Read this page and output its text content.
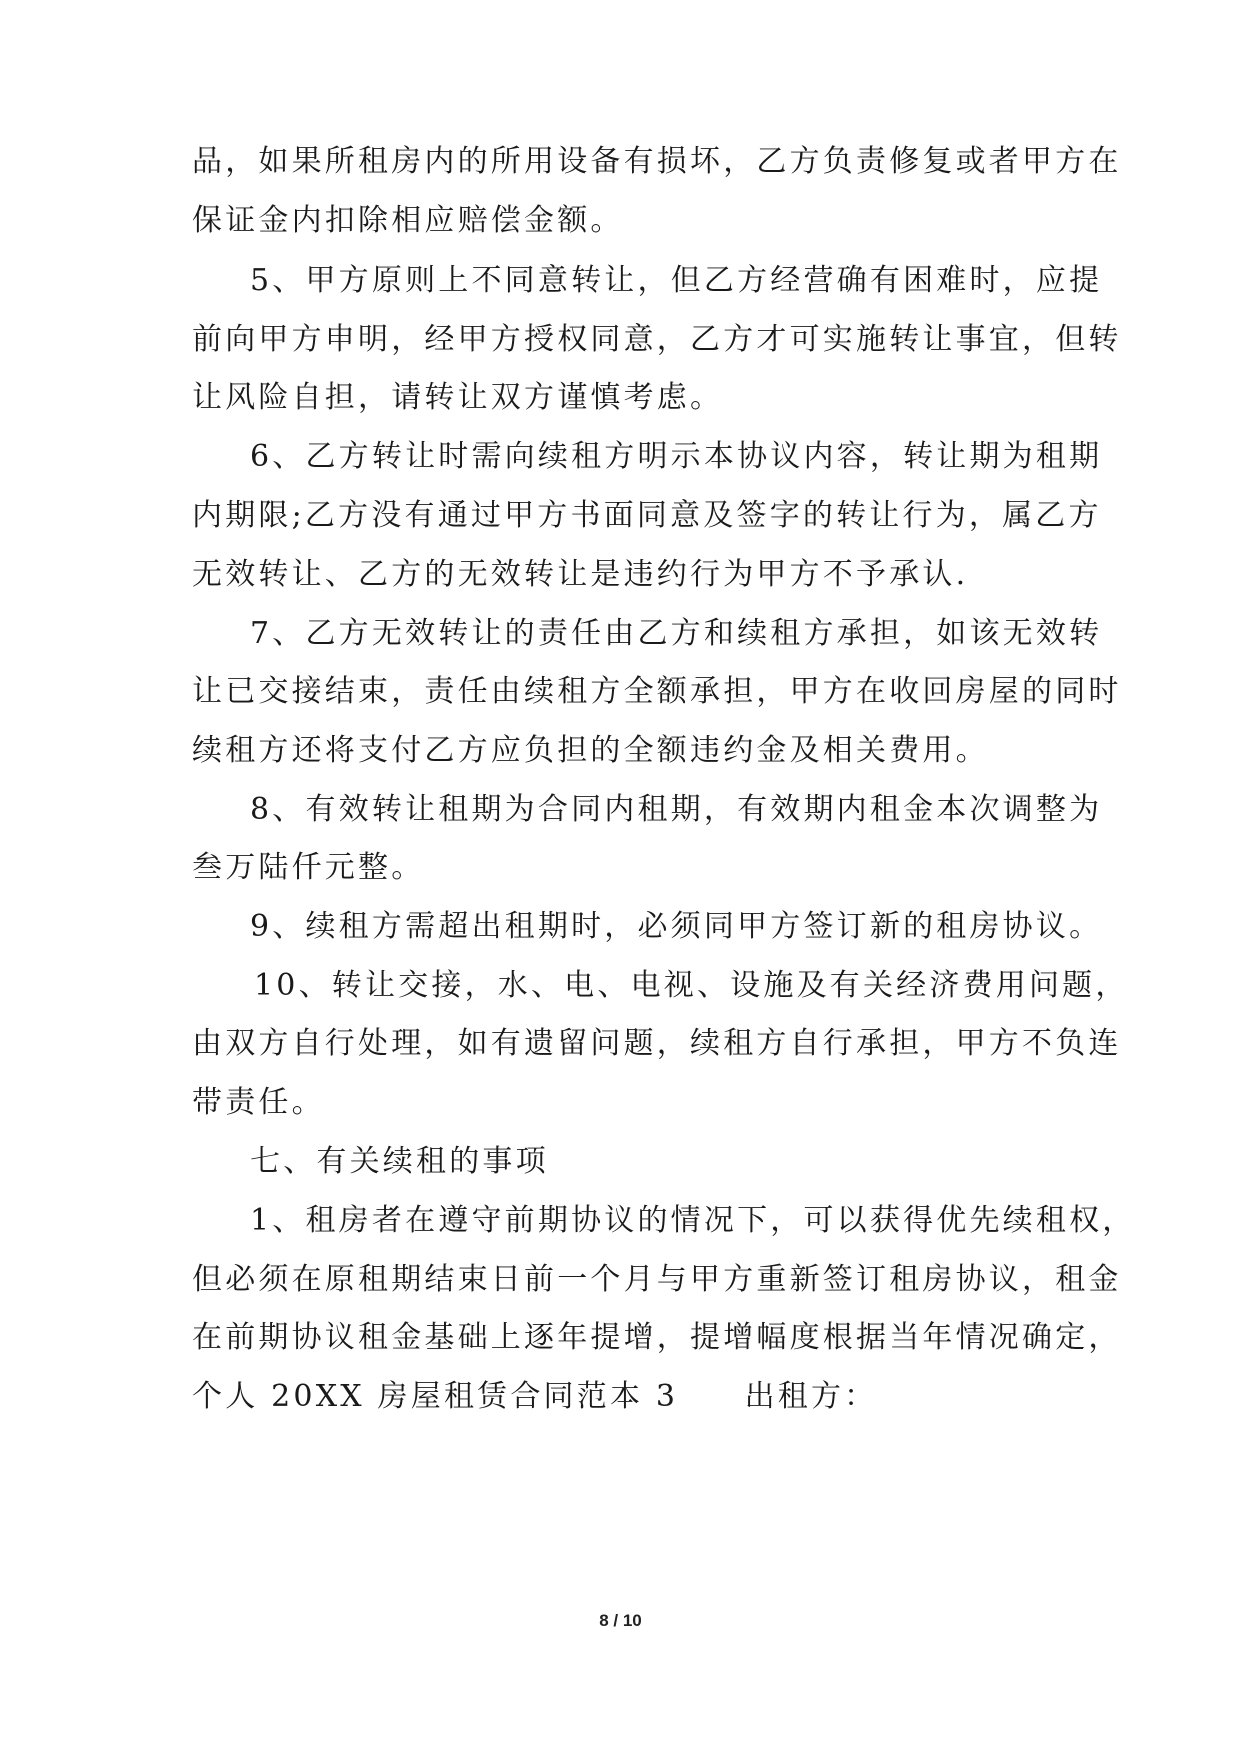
品，如果所租房内的所用设备有损坏，乙方负责修复或者甲方在
保证金内扣除相应赔偿金额。
5、甲方原则上不同意转让，但乙方经营确有困难时，应提
前向甲方申明，经甲方授权同意，乙方才可实施转让事宜，但转
让风险自担，请转让双方谨慎考虑。
6、乙方转让时需向续租方明示本协议内容，转让期为租期
内期限;乙方没有通过甲方书面同意及签字的转让行为，属乙方
无效转让、乙方的无效转让是违约行为甲方不予承认.
7、乙方无效转让的责任由乙方和续租方承担，如该无效转
让已交接结束，责任由续租方全额承担，甲方在收回房屋的同时
续租方还将支付乙方应负担的全额违约金及相关费用。
8、有效转让租期为合同内租期，有效期内租金本次调整为
叁万陆仟元整。
9、续租方需超出租期时，必须同甲方签订新的租房协议。
10、转让交接，水、电、电视、设施及有关经济费用问题，
由双方自行处理，如有遗留问题，续租方自行承担，甲方不负连
带责任。
七、有关续租的事项
1、租房者在遵守前期协议的情况下，可以获得优先续租权，
但必须在原租期结束日前一个月与甲方重新签订租房协议，租金
在前期协议租金基础上逐年提增，提增幅度根据当年情况确定，
个人 20XX 房屋租赁合同范本 3　　出租方：
8 / 10
